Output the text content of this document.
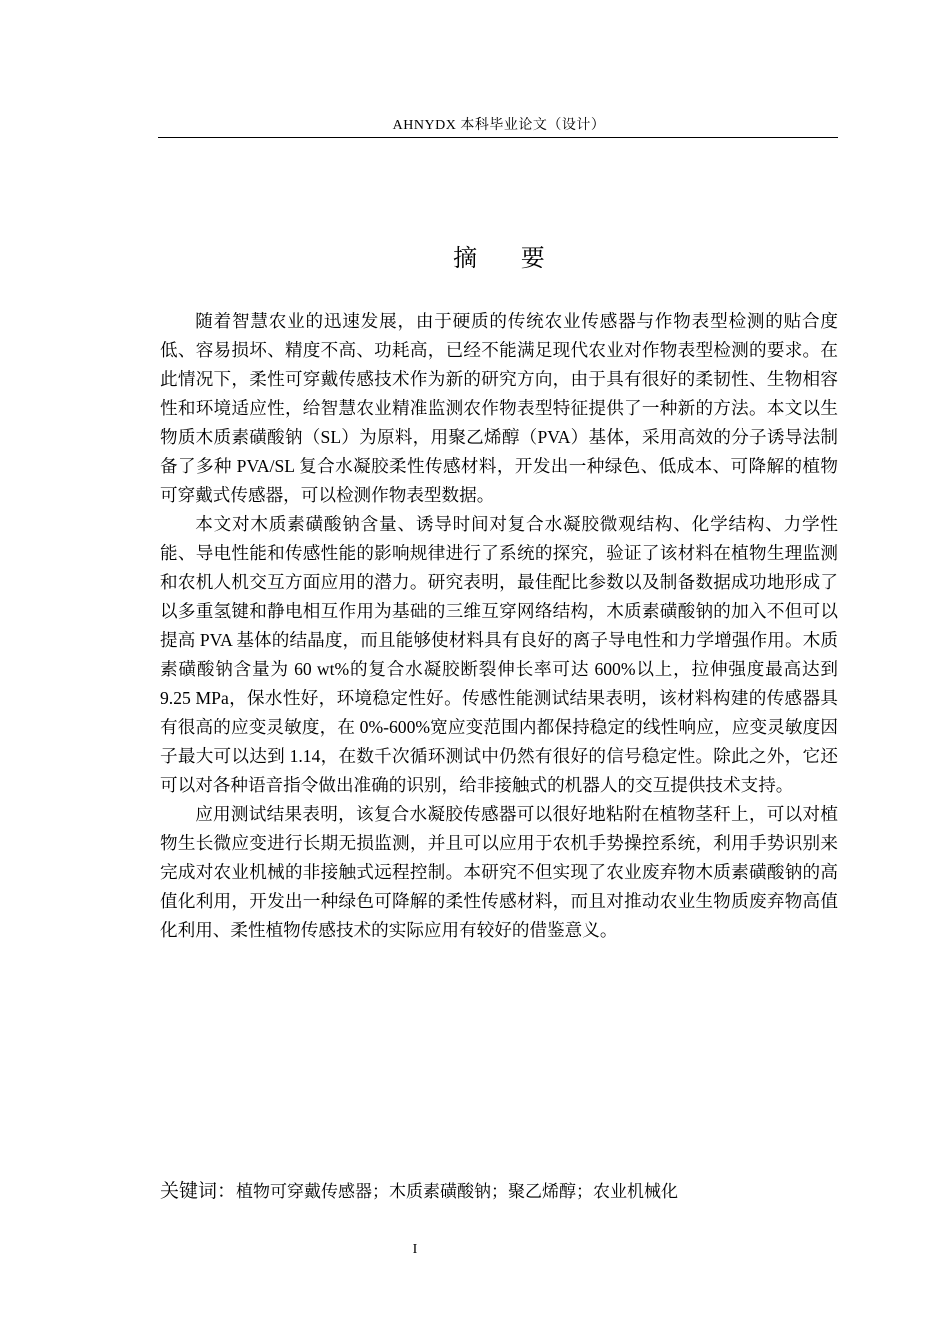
AHNYDX 本科毕业论文（设计）
摘 要

随着智慧农业的迅速发展，由于硬质的传统农业传感器与作物表型检测的贴合度低、容易损坏、精度不高、功耗高，已经不能满足现代农业对作物表型检测的要求。在此情况下，柔性可穿戴传感技术作为新的研究方向，由于具有很好的柔韧性、生物相容性和环境适应性，给智慧农业精准监测农作物表型特征提供了一种新的方法。本文以生物质木质素磺酸钠（SL）为原料，用聚乙烯醇（PVA）基体，采用高效的分子诱导法制备了多种 PVA/SL 复合水凝胶柔性传感材料，开发出一种绿色、低成本、可降解的植物可穿戴式传感器，可以检测作物表型数据。

本文对木质素磺酸钠含量、诱导时间对复合水凝胶微观结构、化学结构、力学性能、导电性能和传感性能的影响规律进行了系统的探究，验证了该材料在植物生理监测和农机人机交互方面应用的潜力。研究表明，最佳配比参数以及制备数据成功地形成了以多重氢键和静电相互作用为基础的三维互穿网络结构，木质素磺酸钠的加入不但可以提高 PVA 基体的结晶度，而且能够使材料具有良好的离子导电性和力学增强作用。木质素磺酸钠含量为 60 wt%的复合水凝胶断裂伸长率可达 600%以上，拉伸强度最高达到 9.25 MPa，保水性好，环境稳定性好。传感性能测试结果表明，该材料构建的传感器具有很高的应变灵敏度，在 0%-600%宽应变范围内都保持稳定的线性响应，应变灵敏度因子最大可以达到 1.14，在数千次循环测试中仍然有很好的信号稳定性。除此之外，它还可以对各种语音指令做出准确的识别，给非接触式的机器人的交互提供技术支持。

应用测试结果表明，该复合水凝胶传感器可以很好地粘附在植物茎秆上，可以对植物生长微应变进行长期无损监测，并且可以应用于农机手势操控系统，利用手势识别来完成对农业机械的非接触式远程控制。本研究不但实现了农业废弃物木质素磺酸钠的高值化利用，开发出一种绿色可降解的柔性传感材料，而且对推动农业生物质废弃物高值化利用、柔性植物传感技术的实际应用有较好的借鉴意义。

关键词：植物可穿戴传感器；木质素磺酸钠；聚乙烯醇；农业机械化
I
